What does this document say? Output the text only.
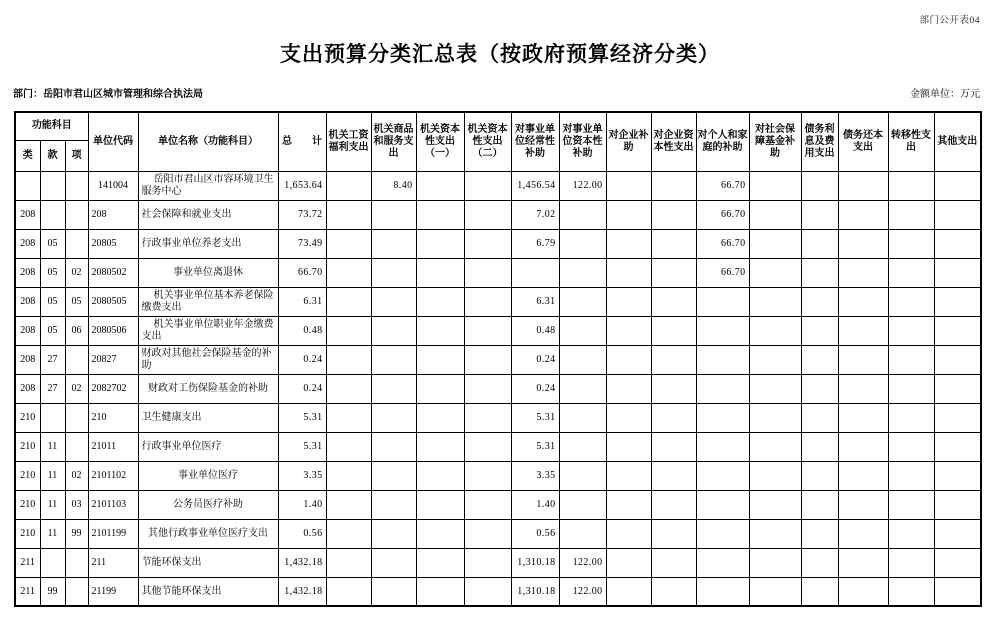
部门公开表04
支出预算分类汇总表（按政府预算经济分类）
部门：岳阳市君山区城市管理和综合执法局	金额单位：万元
功能科目			单位代码	单位名称（功能科目）	总　　计	机关工资福利支出	机关商品和服务支出	机关资本性支出（一）	机关资本性支出（二）	对事业单位经常性补助	对事业单位资本性补助	对企业补助	对企业资本性支出	对个人和家庭的补助	对社会保障基金补助	债务利息及费用支出	债务还本支出	转移性支出	其他支出
类	款	项																	
			141004	岳阳市君山区市容环境卫生服务中心	1,653.64		8.40			1,456.54	122.00			66.70					
208			208	社会保障和就业支出	73.72					7.02				66.70					
208	05		20805	行政事业单位养老支出	73.49					6.79				66.70					
208	05	02	2080502	事业单位离退休	66.70									66.70					
208	05	05	2080505	机关事业单位基本养老保险缴费支出	6.31					6.31									
208	05	06	2080506	机关事业单位职业年金缴费支出	0.48					0.48									
208	27		20827	财政对其他社会保险基金的补助	0.24					0.24									
208	27	02	2082702	财政对工伤保险基金的补助	0.24					0.24									
210			210	卫生健康支出	5.31					5.31									
210	11		21011	行政事业单位医疗	5.31					5.31									
210	11	02	2101102	事业单位医疗	3.35					3.35									
210	11	03	2101103	公务员医疗补助	1.40					1.40									
210	11	99	2101199	其他行政事业单位医疗支出	0.56					0.56									
211			211	节能环保支出	1,432.18					1,310.18	122.00								
211	99		21199	其他节能环保支出	1,432.18					1,310.18	122.00								
